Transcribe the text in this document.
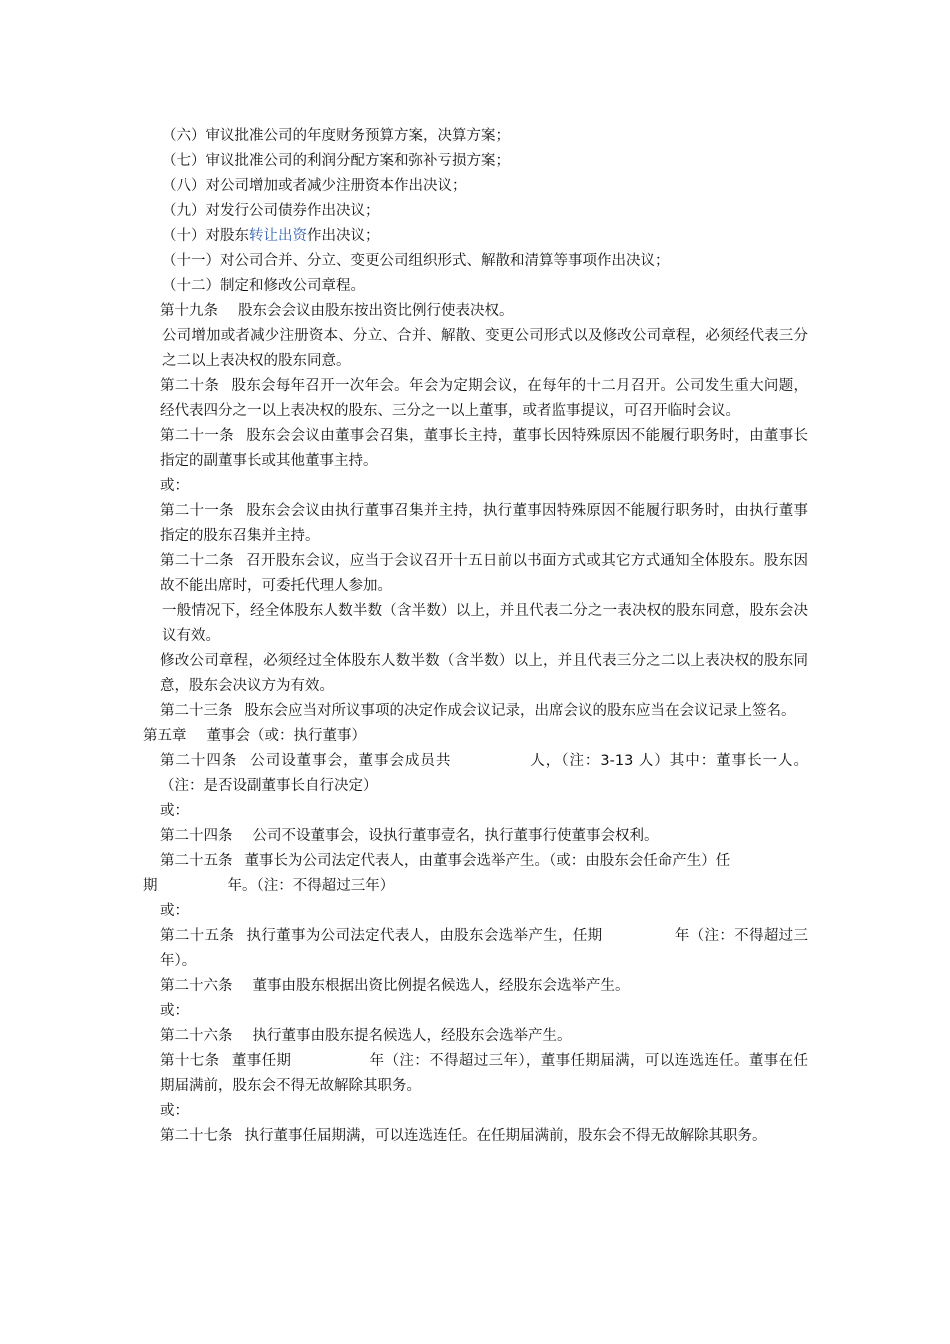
（六）审议批准公司的年度财务预算方案，决算方案；
（七）审议批准公司的利润分配方案和弥补亏损方案；
（八）对公司增加或者减少注册资本作出决议；
（九）对发行公司债券作出决议；
（十）对股东转让出资作出决议；
（十一）对公司合并、分立、变更公司组织形式、解散和清算等事项作出决议；
（十二）制定和修改公司章程。
第十九条 股东会会议由股东按出资比例行使表决权。
公司增加或者减少注册资本、分立、合并、解散、变更公司形式以及修改公司章程，必须经代表三分之二以上表决权的股东同意。
第二十条 股东会每年召开一次年会。年会为定期会议，在每年的十二月召开。公司发生重大问题，经代表四分之一以上表决权的股东、三分之一以上董事，或者监事提议，可召开临时会议。
第二十一条 股东会会议由董事会召集，董事长主持，董事长因特殊原因不能履行职务时，由董事长指定的副董事长或其他董事主持。
或：
第二十一条 股东会会议由执行董事召集并主持，执行董事因特殊原因不能履行职务时，由执行董事指定的股东召集并主持。
第二十二条 召开股东会议，应当于会议召开十五日前以书面方式或其它方式通知全体股东。股东因故不能出席时，可委托代理人参加。
一般情况下，经全体股东人数半数（含半数）以上，并且代表二分之一表决权的股东同意，股东会决议有效。
修改公司章程，必须经过全体股东人数半数（含半数）以上，并且代表三分之二以上表决权的股东同意，股东会决议方为有效。
第二十三条 股东会应当对所议事项的决定作成会议记录，出席会议的股东应当在会议记录上签名。
第五章 董事会（或：执行董事）
第二十四条 公司设董事会，董事会成员共	人，（注：3-13 人）其中：董事长一人。（注：是否设副董事长自行决定）
或：
第二十四条 公司不设董事会，设执行董事壹名，执行董事行使董事会权利。
第二十五条 董事长为公司法定代表人，由董事会选举产生。（或：由股东会任命产生）任
期	年。（注：不得超过三年）
或：
第二十五条 执行董事为公司法定代表人，由股东会选举产生，任期	年（注：不得超过三年）。
第二十六条 董事由股东根据出资比例提名候选人，经股东会选举产生。
或：
第二十六条 执行董事由股东提名候选人，经股东会选举产生。
第十七条 董事任期	年（注：不得超过三年），董事任期届满，可以连选连任。董事在任期届满前，股东会不得无故解除其职务。
或：
第二十七条 执行董事任届期满，可以连选连任。在任期届满前，股东会不得无故解除其职务。
